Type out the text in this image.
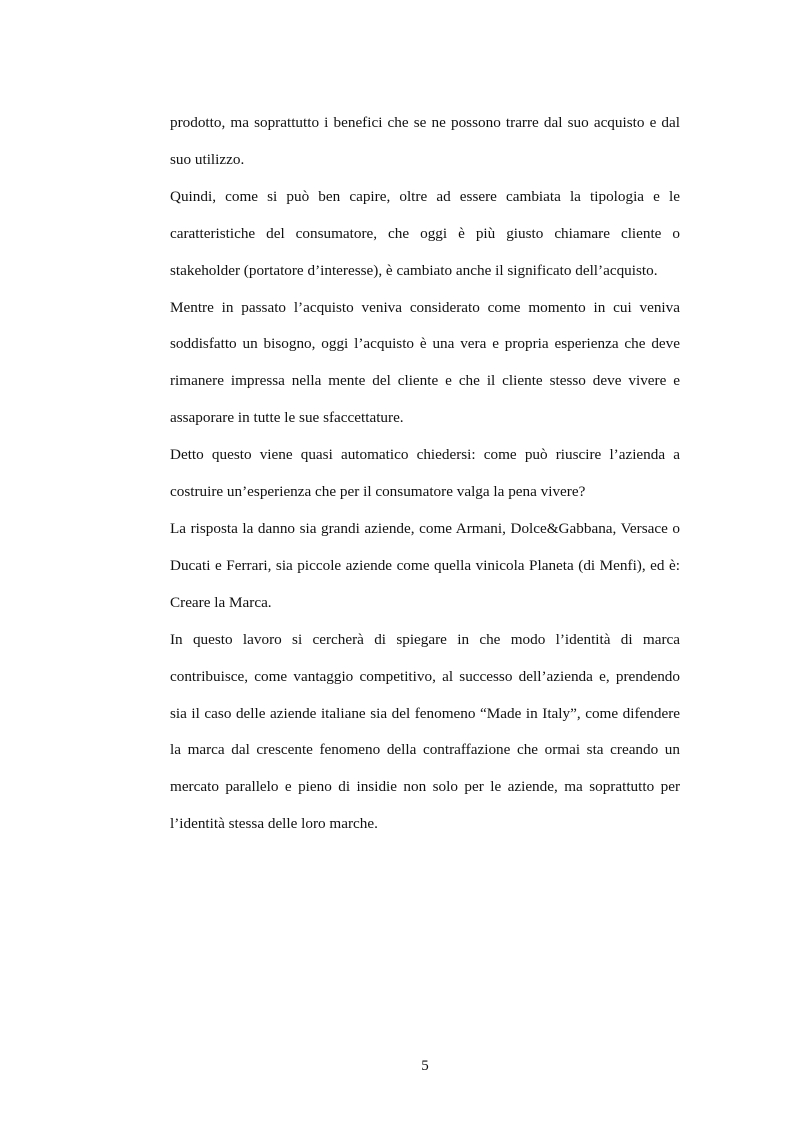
prodotto, ma soprattutto i benefici che se ne possono trarre dal suo acquisto e dal suo utilizzo.

Quindi, come si può ben capire, oltre ad essere cambiata la tipologia e le caratteristiche del consumatore, che oggi è più giusto chiamare cliente o stakeholder (portatore d’interesse), è cambiato anche il significato dell’acquisto.

Mentre in passato l’acquisto veniva considerato come momento in cui veniva soddisfatto un bisogno, oggi l’acquisto è una vera e propria esperienza che deve rimanere impressa nella mente del cliente e che il cliente stesso deve vivere e assaporare in tutte le sue sfaccettature.

Detto questo viene quasi automatico chiedersi: come può riuscire l’azienda a costruire un’esperienza che per il consumatore valga la pena vivere?

La risposta la danno sia grandi aziende, come Armani, Dolce&Gabbana, Versace o Ducati e Ferrari, sia piccole aziende come quella vinicola Planeta (di Menfi), ed è: Creare la Marca.

In questo lavoro si cercherà di spiegare in che modo l’identità di marca contribuisce, come vantaggio competitivo, al successo dell’azienda e, prendendo sia il caso delle aziende italiane sia del fenomeno “Made in Italy”, come difendere la marca dal crescente fenomeno della contraffazione che ormai sta creando un mercato parallelo e pieno di insidie non solo per le aziende, ma soprattutto per l’identità stessa delle loro marche.

5
